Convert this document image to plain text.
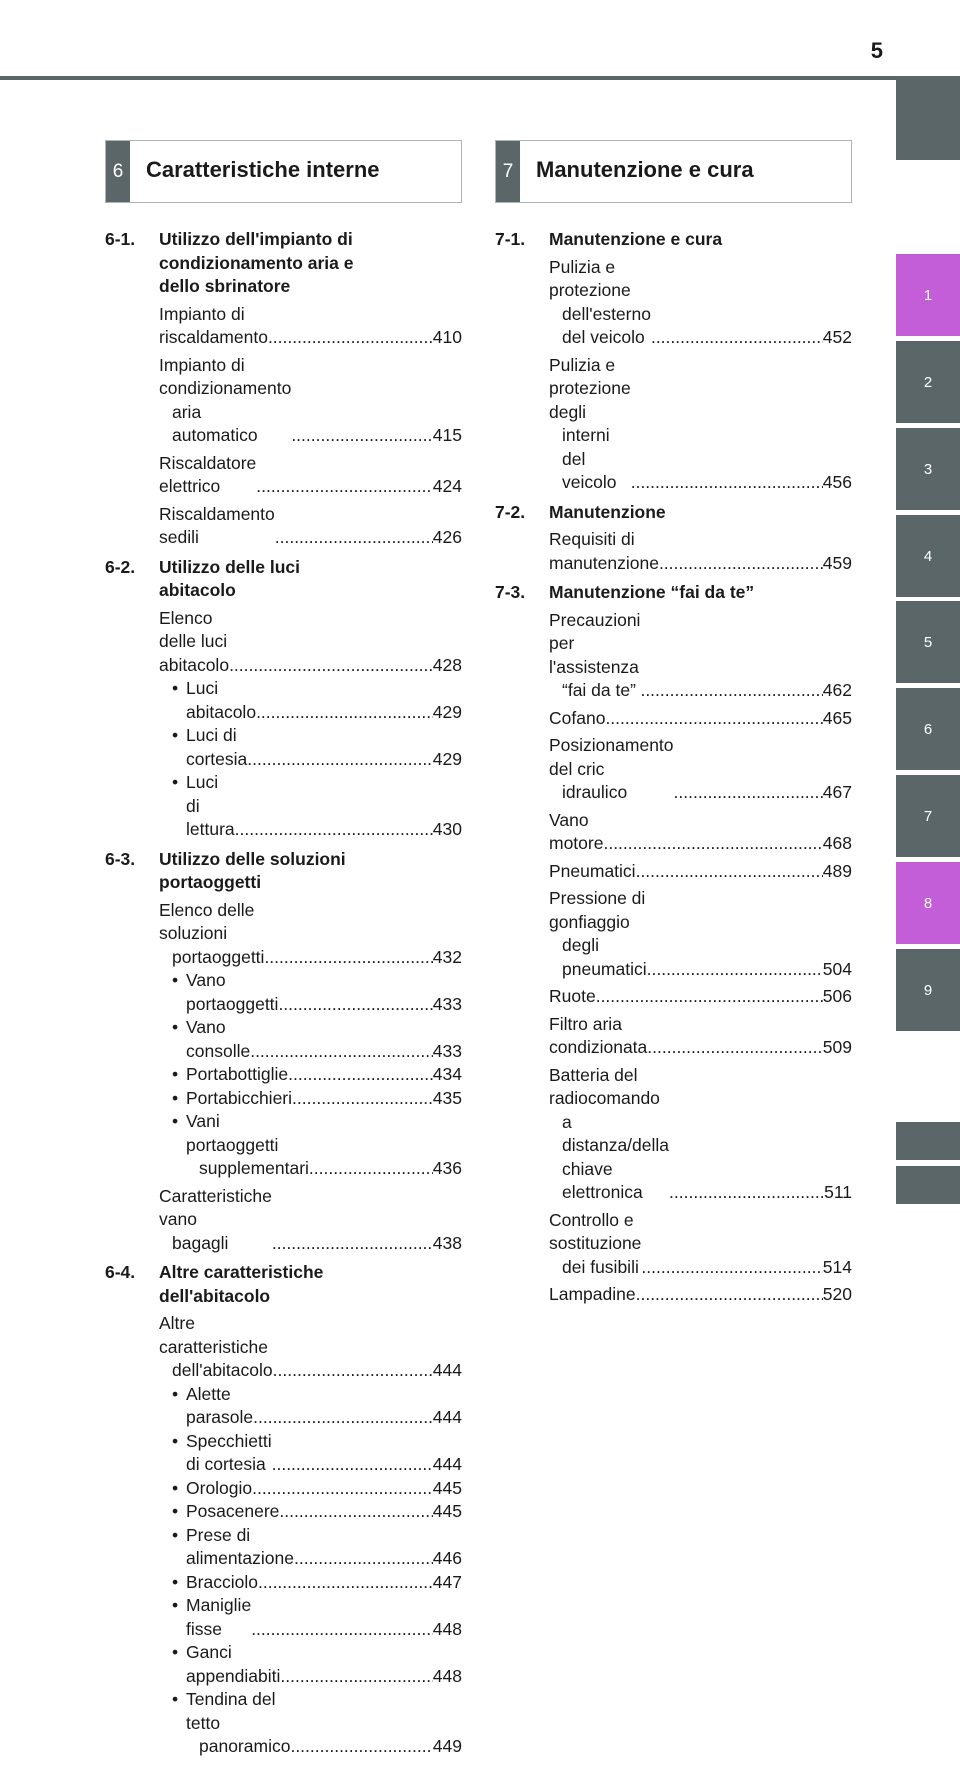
5
1
2
3
4
5
6
7
8
9
6	Caratteristiche interne
6-1. Utilizzo dell'impianto di
condizionamento aria e
dello sbrinatore
Impianto di riscaldamento .....	410
Impianto di condizionamento
aria automatico .....	415
Riscaldatore elettrico .....	424
Riscaldamento sedili .....	426
6-2. Utilizzo delle luci
abitacolo
Elenco delle luci abitacolo .....	428
• Luci abitacolo .....	429
• Luci di cortesia .....	429
• Luci di lettura .....	430
6-3. Utilizzo delle soluzioni
portaoggetti
Elenco delle soluzioni
portaoggetti .....	432
• Vano portaoggetti .....	433
• Vano consolle .....	433
• Portabottiglie .....	434
• Portabicchieri .....	435
• Vani portaoggetti
supplementari .....	436
Caratteristiche vano
bagagli .....	438
6-4. Altre caratteristiche
dell'abitacolo
Altre caratteristiche
dell'abitacolo .....	444
• Alette parasole .....	444
• Specchietti di cortesia .....	444
• Orologio .....	445
• Posacenere .....	445
• Prese di alimentazione .....	446
• Bracciolo .....	447
• Maniglie fisse .....	448
• Ganci appendiabiti .....	448
• Tendina del tetto
panoramico .....	449
7	Manutenzione e cura
7-1. Manutenzione e cura
Pulizia e protezione
dell'esterno del veicolo .....	452
Pulizia e protezione degli
interni del veicolo .....	456
7-2. Manutenzione
Requisiti di manutenzione .....	459
7-3. Manutenzione “fai da te”
Precauzioni per l'assistenza
“fai da te” .....	462
Cofano .....	465
Posizionamento del cric
idraulico .....	467
Vano motore .....	468
Pneumatici .....	489
Pressione di gonfiaggio
degli pneumatici .....	504
Ruote .....	506
Filtro aria condizionata .....	509
Batteria del radiocomando
a distanza/della chiave
elettronica .....	511
Controllo e sostituzione
dei fusibili .....	514
Lampadine .....	520
